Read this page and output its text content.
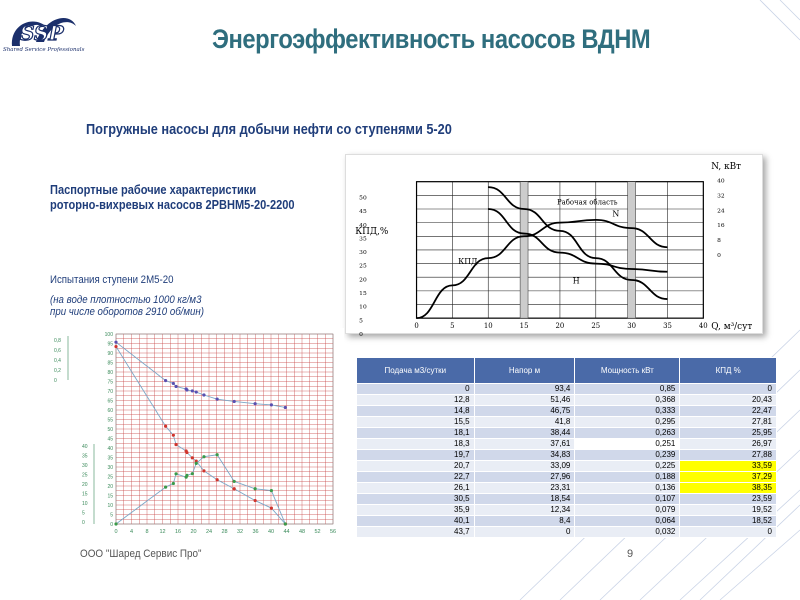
SSP
Shared Service Professionals	Энергоэффективность насосов ВДНМ
Погружные насосы для добычи нефти со ступенями 5-20
Паспортные рабочие характеристики
роторно-вихревых насосов 2РВНМ5-20-2200
Испытания ступени 2М5-20
(на воде плотностью 1000 кг/м3
при числе оборотов 2910 об/мин)
0	5	10	15	20	25	30	35	40 Q, м³/сут
50
45
40
35
30
25
20
15
10
5
0
КПД,%
40
32
24
16
8
0
N, кВт
КПД
Н
N
Рабочая область
0 4 8 12 16 20 24 28 32 36 40 44 48 52 56
100
95
90
85
80
75
70
65
60
55
50
45
40
35
30
25
20
15
10
5
0
0,8
0,6
0,4
0,2
0
40
35
30
25
20
15
10
5
0
Подача м3/сутки	Напор м	Мощность кВт	КПД %
0	93,4	0,85	0
12,8	51,46	0,368	20,43
14,8	46,75	0,333	22,47
15,5	41,8	0,295	27,81
18,1	38,44	0,263	25,95
18,3	37,61	0,251	26,97
19,7	34,83	0,239	27,88
20,7	33,09	0,225	33,59
22,7	27,96	0,188	37,29
26,1	23,31	0,136	38,35
30,5	18,54	0,107	23,59
35,9	12,34	0,079	19,52
40,1	8,4	0,064	18,52
43,7	0	0,032	0
ООО "Шаред Сервис Про"	9
